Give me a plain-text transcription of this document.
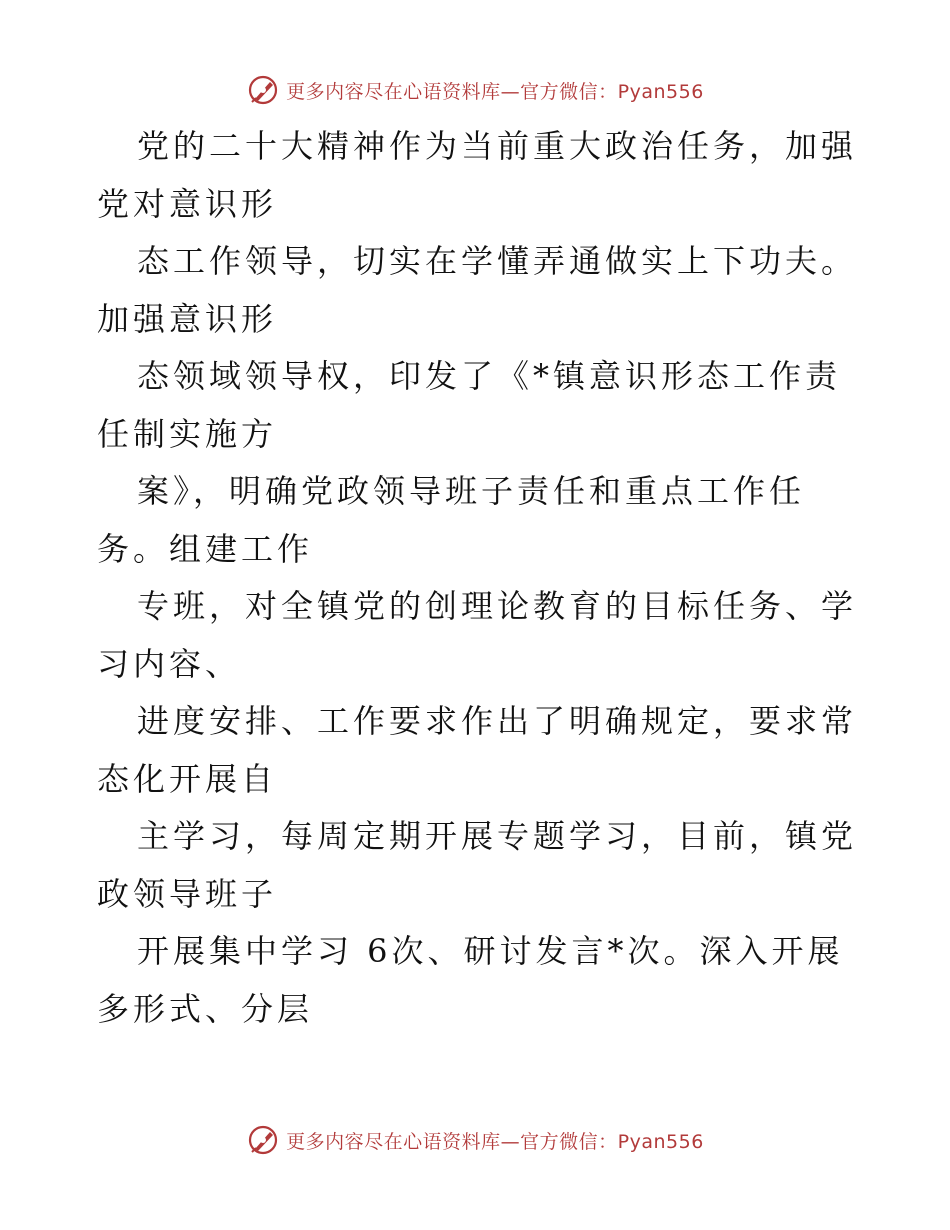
更多内容尽在心语资料库—官方微信：Pyan556

党的二十大精神作为当前重大政治任务，加强党对意识形

态工作领导，切实在学懂弄通做实上下功夫。加强意识形

态领域领导权，印发了《*镇意识形态工作责任制实施方

案》，明确党政领导班子责任和重点工作任务。组建工作

专班，对全镇党的创理论教育的目标任务、学习内容、

进度安排、工作要求作出了明确规定，要求常态化开展自

主学习，每周定期开展专题学习，目前，镇党政领导班子

开展集中学习 6次、研讨发言*次。深入开展多形式、分层

更多内容尽在心语资料库—官方微信：Pyan556
